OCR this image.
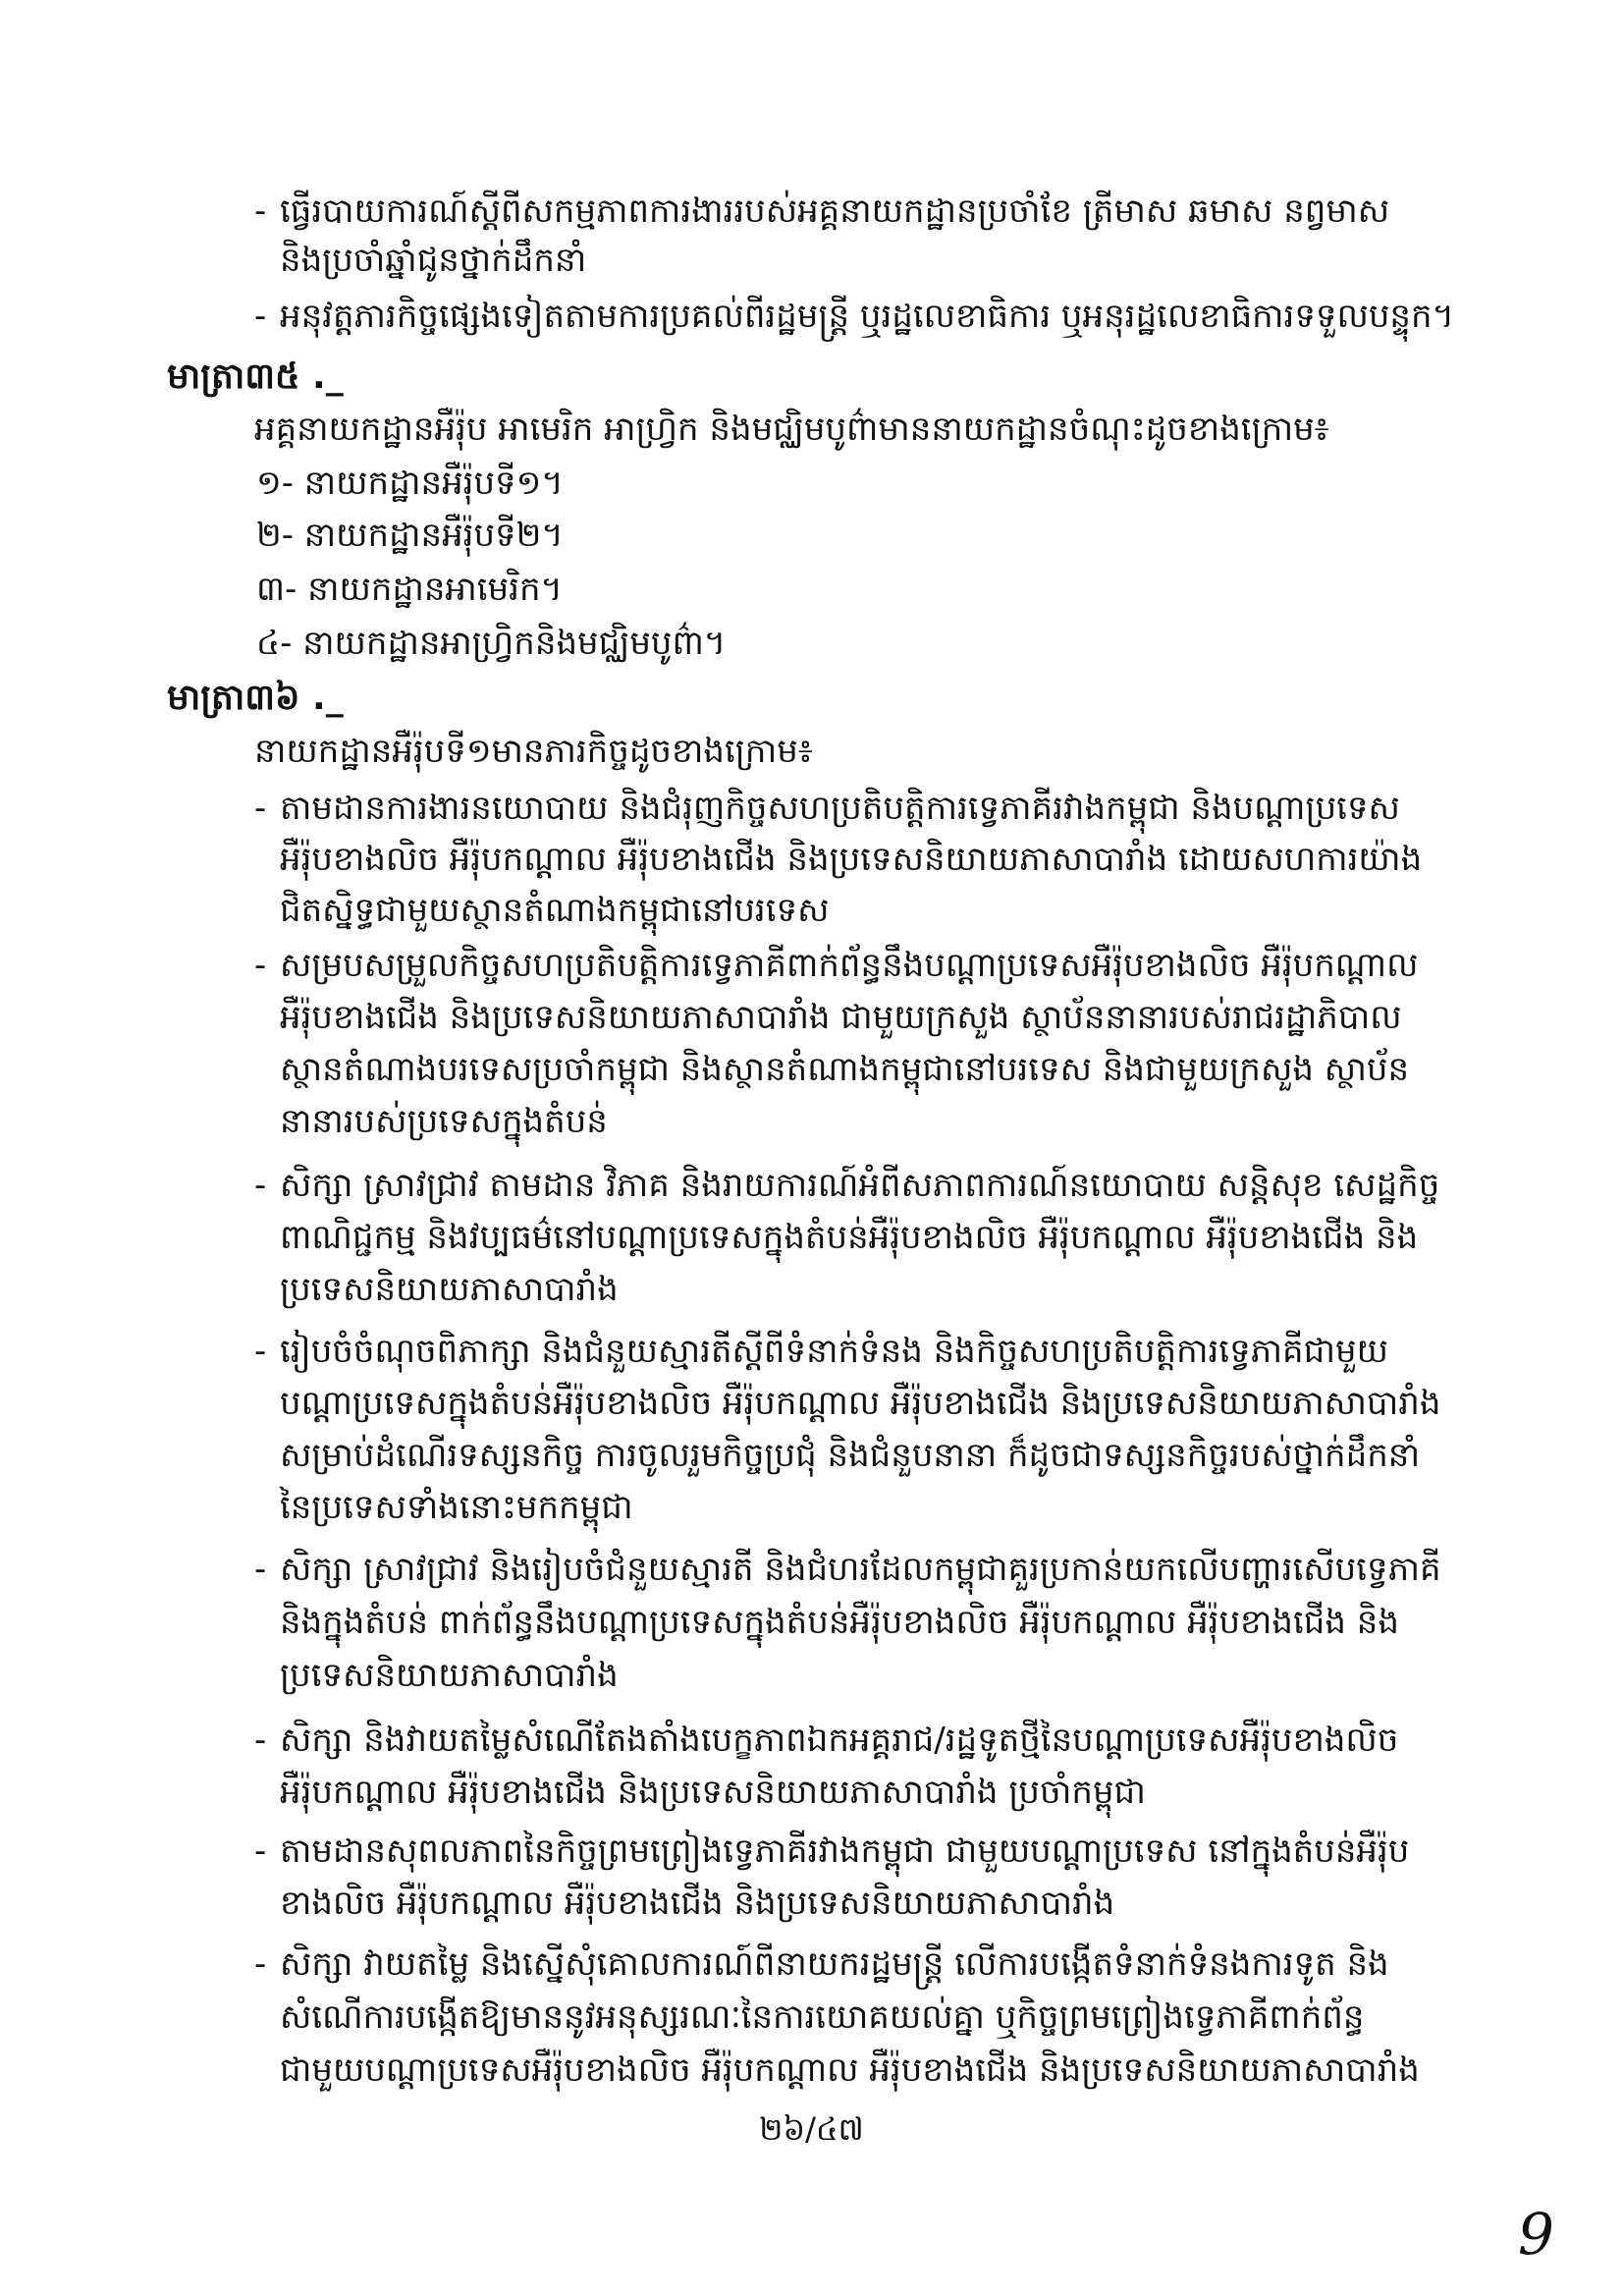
- ធ្វើរបាយការណ៍ស្តីពីសកម្មភាពការងាររបស់អគ្គនាយកដ្ឋានប្រចាំខែ ត្រីមាស ឆមាស នព្វមាស
និងប្រចាំឆ្នាំជូនថ្នាក់ដឹកនាំ
- អនុវត្តភារកិច្ចផ្សេងទៀតតាមការប្រគល់ពីរដ្ឋមន្ត្រី ឬរដ្ឋលេខាធិការ ឬអនុរដ្ឋលេខាធិការទទួលបន្ទុក។
មាត្រា៣៥ ._
អគ្គនាយកដ្ឋានអឺរ៉ុប អាមេរិក អាហ្វ្រិក និងមជ្ឈិមបូព៌ាមាននាយកដ្ឋានចំណុះដូចខាងក្រោម៖
១- នាយកដ្ឋានអឺរ៉ុបទី១។
២- នាយកដ្ឋានអឺរ៉ុបទី២។
៣- នាយកដ្ឋានអាមេរិក។
៤- នាយកដ្ឋានអាហ្វ្រិកនិងមជ្ឈិមបូព៌ា។
មាត្រា៣៦ ._
នាយកដ្ឋានអឺរ៉ុបទី១មានភារកិច្ចដូចខាងក្រោម៖
- តាមដានការងារនយោបាយ និងជំរុញកិច្ចសហប្រតិបត្តិការទ្វេភាគីរវាងកម្ពុជា និងបណ្តាប្រទេស
អឺរ៉ុបខាងលិច អឺរ៉ុបកណ្តាល អឺរ៉ុបខាងជើង និងប្រទេសនិយាយភាសាបារាំង ដោយសហការយ៉ាង
ជិតស្និទ្ធជាមួយស្ថានតំណាងកម្ពុជានៅបរទេស
- សម្របសម្រួលកិច្ចសហប្រតិបត្តិការទ្វេភាគីពាក់ព័ន្ធនឹងបណ្តាប្រទេសអឺរ៉ុបខាងលិច អឺរ៉ុបកណ្តាល
អឺរ៉ុបខាងជើង និងប្រទេសនិយាយភាសាបារាំង ជាមួយក្រសួង ស្ថាប័ននានារបស់រាជរដ្ឋាភិបាល
ស្ថានតំណាងបរទេសប្រចាំកម្ពុជា និងស្ថានតំណាងកម្ពុជានៅបរទេស និងជាមួយក្រសួង ស្ថាប័ន
នានារបស់ប្រទេសក្នុងតំបន់
- សិក្សា ស្រាវជ្រាវ តាមដាន វិភាគ និងរាយការណ៍អំពីសភាពការណ៍នយោបាយ សន្តិសុខ សេដ្ឋកិច្ច
ពាណិជ្ជកម្ម និងវប្បធម៌នៅបណ្តាប្រទេសក្នុងតំបន់អឺរ៉ុបខាងលិច អឺរ៉ុបកណ្តាល អឺរ៉ុបខាងជើង និង
ប្រទេសនិយាយភាសាបារាំង
- រៀបចំចំណុចពិភាក្សា និងជំនួយស្មារតីស្តីពីទំនាក់ទំនង និងកិច្ចសហប្រតិបត្តិការទ្វេភាគីជាមួយ
បណ្តាប្រទេសក្នុងតំបន់អឺរ៉ុបខាងលិច អឺរ៉ុបកណ្តាល អឺរ៉ុបខាងជើង និងប្រទេសនិយាយភាសាបារាំង
សម្រាប់ដំណើរទស្សនកិច្ច ការចូលរួមកិច្ចប្រជុំ និងជំនួបនានា ក៏ដូចជាទស្សនកិច្ចរបស់ថ្នាក់ដឹកនាំ
នៃប្រទេសទាំងនោះមកកម្ពុជា
- សិក្សា ស្រាវជ្រាវ និងរៀបចំជំនួយស្មារតី និងជំហរដែលកម្ពុជាគួរប្រកាន់យកលើបញ្ហារសើបទ្វេភាគី
និងក្នុងតំបន់ ពាក់ព័ន្ធនឹងបណ្តាប្រទេសក្នុងតំបន់អឺរ៉ុបខាងលិច អឺរ៉ុបកណ្តាល អឺរ៉ុបខាងជើង និង
ប្រទេសនិយាយភាសាបារាំង
- សិក្សា និងវាយតម្លៃសំណើតែងតាំងបេក្ខភាពឯកអគ្គរាជ/រដ្ឋទូតថ្មីនៃបណ្តាប្រទេសអឺរ៉ុបខាងលិច
អឺរ៉ុបកណ្តាល អឺរ៉ុបខាងជើង និងប្រទេសនិយាយភាសាបារាំង ប្រចាំកម្ពុជា
- តាមដានសុពលភាពនៃកិច្ចព្រមព្រៀងទ្វេភាគីរវាងកម្ពុជា ជាមួយបណ្តាប្រទេស នៅក្នុងតំបន់អឺរ៉ុប
ខាងលិច អឺរ៉ុបកណ្តាល អឺរ៉ុបខាងជើង និងប្រទេសនិយាយភាសាបារាំង
- សិក្សា វាយតម្លៃ និងស្នើសុំគោលការណ៍ពីនាយករដ្ឋមន្ត្រី លើការបង្កើតទំនាក់ទំនងការទូត និង
សំណើការបង្កើតឱ្យមាននូវអនុស្សរណៈនៃការយោគយល់គ្នា ឬកិច្ចព្រមព្រៀងទ្វេភាគីពាក់ព័ន្ធ
ជាមួយបណ្តាប្រទេសអឺរ៉ុបខាងលិច អឺរ៉ុបកណ្តាល អឺរ៉ុបខាងជើង និងប្រទេសនិយាយភាសាបារាំង
២៦/៤៧
9
